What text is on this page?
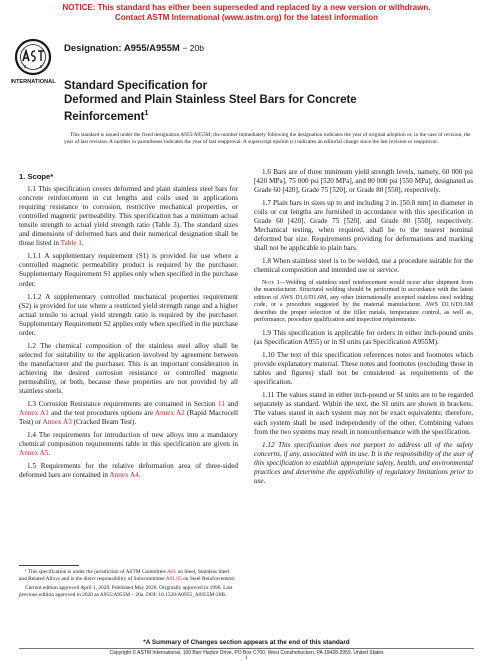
NOTICE: This standard has either been superseded and replaced by a new version or withdrawn.
Contact ASTM International (www.astm.org) for the latest information
INTERNATIONAL
Designation: A955/A955M − 20b
Standard Specification for
Deformed and Plain Stainless Steel Bars for Concrete
Reinforcement$^1$
This standard is issued under the fixed designation A955/A955M; the number immediately following the designation indicates the year of original adoption or, in the case of revision, the year of last revision. A number in parentheses indicates the year of last reapproval. A superscript epsilon (ε) indicates an editorial change since the last revision or reapproval.
1. Scope*

1.1 This specification covers deformed and plain stainless steel bars for concrete reinforcement in cut lengths and coils used in applications requiring resistance to corrosion, restrictive mechanical properties, or controlled magnetic permeability. This specification has a minimum actual tensile strength to actual yield strength ratio (Table 3). The standard sizes and dimensions of deformed bars and their numerical designation shall be those listed in Table 1.

1.1.1 A supplementary requirement (S1) is provided for use where a controlled magnetic permeability product is required by the purchaser. Supplementary Requirement S1 applies only when specified in the purchase order.

1.1.2 A supplementary controlled mechanical properties requirement (S2) is provided for use where a restricted yield strength range and a higher actual tensile to actual yield strength ratio is required by the purchaser. Supplementary Requirement S2 applies only when specified in the purchase order.

1.2 The chemical composition of the stainless steel alloy shall be selected for suitability to the application involved by agreement between the manufacturer and the purchaser. This is an important consideration in achieving the desired corrosion resistance or controlled magnetic permeability, or both, because these properties are not provided by all stainless steels.

1.3 Corrosion Resistance requirements are contained in Section 11 and Annex A1 and the test procedures options are Annex A2 (Rapid Macrocell Test) or Annex A3 (Cracked Beam Test).

1.4 The requirements for introduction of new alloys into a mandatory chemical composition requirements table in this specification are given in Annex A5.

1.5 Requirements for the relative deformation area of three-sided deformed bars are contained in Annex A4.

¹ This specification is under the jurisdiction of ASTM Committee A01 on Steel, Stainless Steel and Related Alloys and is the direct responsibility of Subcommittee A01.05 on Steel Reinforcement.

Current edition approved April 1, 2020. Published May 2020. Originally approved in 1996. Last previous edition approved in 2020 as A955/A955M – 20a. DOI: 10.1520/A0955_A0955M-20B.

1.6 Bars are of three minimum yield strength levels, namely, 60 000 psi [420 MPa], 75 000 psi [520 MPa], and 80 000 psi [550 MPa], designated as Grade 60 [420], Grade 75 [520], or Grade 80 [550], respectively.

1.7 Plain bars in sizes up to and including 2 in. [50.8 mm] in diameter in coils or cut lengths are furnished in accordance with this specification in Grade 60 [420], Grade 75 [520], and Grade 80 [550], respectively. Mechanical testing, when required, shall be to the nearest nominal deformed bar size. Requirements providing for deformations and marking shall not be applicable to plain bars.

1.8 When stainless steel is to be welded, use a procedure suitable for the chemical composition and intended use or service.

Note 1—Welding of stainless steel reinforcement would occur after shipment from the manufacturer. Structural welding should be performed in accordance with the latest edition of AWS D1.6/D1.6M, any other internationally accepted stainless steel welding code, or a procedure suggested by the material manufacturer. AWS D1.6/D1.6M describes the proper selection of the filler metals, temperature control, as well as, performance, procedure qualification and inspection requirements.

1.9 This specification is applicable for orders in either inch-pound units (as Specification A955) or in SI units (as Specification A955M).

1.10 The text of this specification references notes and footnotes which provide explanatory material. These notes and footnotes (excluding those in tables and figures) shall not be considered as requirements of the specification.

1.11 The values stated in either inch-pound or SI units are to be regarded separately as standard. Within the text, the SI units are shown in brackets. The values stated in each system may not be exact equivalents; therefore, each system shall be used independently of the other. Combining values from the two systems may result in nonconformance with the specification.

1.12 This specification does not purport to address all of the safety concerns, if any, associated with its use. It is the responsibility of the user of this specification to establish appropriate safety, health, and environmental practices and determine the applicability of regulatory limitations prior to use.

*A Summary of Changes section appears at the end of this standard
Copyright © ASTM International, 100 Barr Harbor Drive, PO Box C700, West Conshohocken, PA 19428-2959. United States
1
